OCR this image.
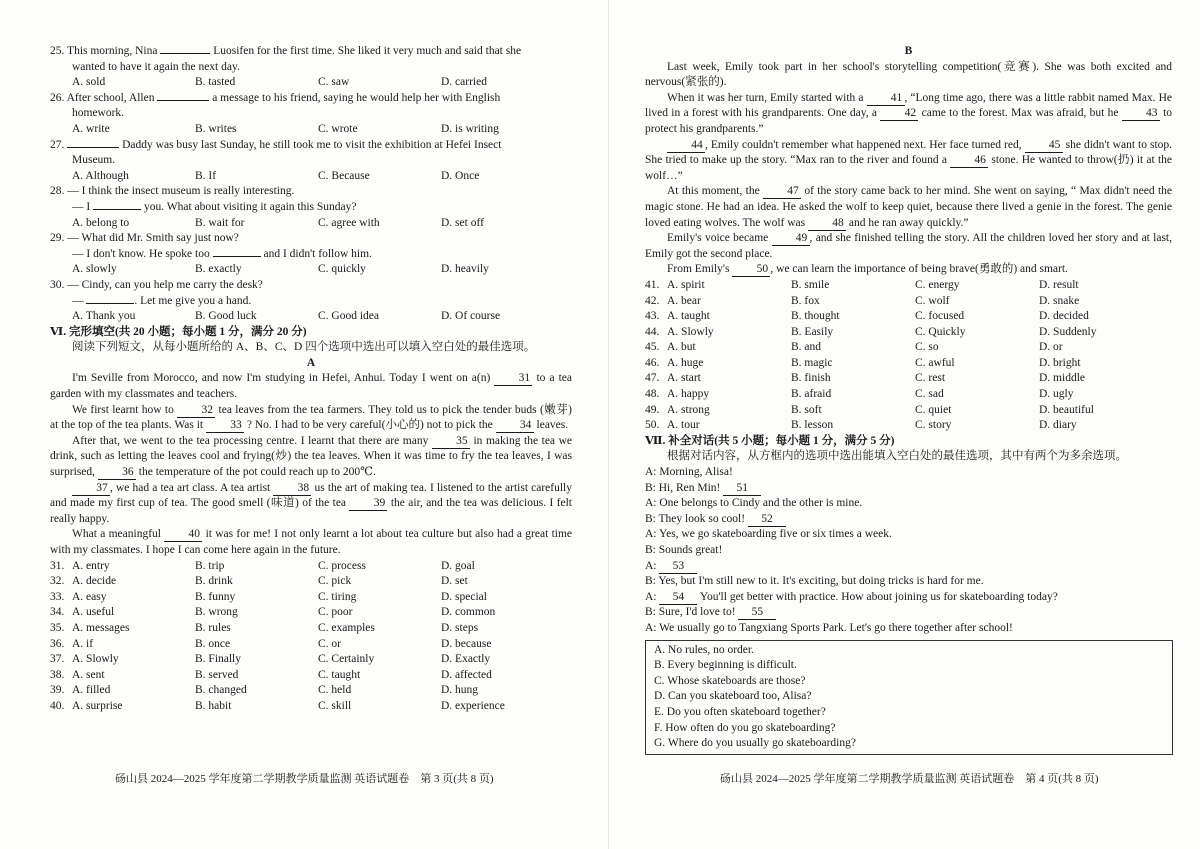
25. This morning, Nina	Luosifen for the first time. She liked it very much and said that she
wanted to have it again the next day.
A. sold	B. tasted	C. saw	D. carried
26. After school, Allen	a message to his friend, saying he would help her with English
homework.
A. write	B. writes	C. wrote	D. is writing
27.	Daddy was busy last Sunday, he still took me to visit the exhibition at Hefei Insect
Museum.
A. Although	B. If	C. Because	D. Once
28. — I think the insect museum is really interesting.
— I	you. What about visiting it again this Sunday?
A. belong to	B. wait for	C. agree with	D. set off
29. — What did Mr. Smith say just now?
— I don't know. He spoke too	and I didn't follow him.
A. slowly	B. exactly	C. quickly	D. heavily
30. — Cindy, can you help me carry the desk?
—	. Let me give you a hand.
A. Thank you	B. Good luck	C. Good idea	D. Of course
Ⅵ. 完形填空(共 20 小题；每小题 1 分，满分 20 分)
阅读下列短文，从每小题所给的 A、B、C、D 四个选项中选出可以填入空白处的最佳选项。
A
I'm Seville from Morocco, and now I'm studying in Hefei, Anhui. Today I went on a(n) 31 to a tea garden with my classmates and teachers.
We first learnt how to 32 tea leaves from the tea farmers. They told us to pick the tender buds (嫩芽) at the top of the tea plants. Was it 33 ? No. I had to be very careful(小心的) not to pick the 34 leaves.
After that, we went to the tea processing centre. I learnt that there are many 35 in making the tea we drink, such as letting the leaves cool and frying(炒) the tea leaves. When it was time to fry the tea leaves, I was surprised, 36 the temperature of the pot could reach up to 200℃.
37 , we had a tea art class. A tea artist 38 us the art of making tea. I listened to the artist carefully and made my first cup of tea. The good smell (味道) of the tea 39 the air, and the tea was delicious. I felt really happy.
What a meaningful 40 it was for me! I not only learnt a lot about tea culture but also had a great time with my classmates. I hope I can come here again in the future.
31. A. entry	B. trip	C. process	D. goal
32. A. decide	B. drink	C. pick	D. set
33. A. easy	B. funny	C. tiring	D. special
34. A. useful	B. wrong	C. poor	D. common
35. A. messages	B. rules	C. examples	D. steps
36. A. if	B. once	C. or	D. because
37. A. Slowly	B. Finally	C. Certainly	D. Exactly
38. A. sent	B. served	C. taught	D. affected
39. A. filled	B. changed	C. held	D. hung
40. A. surprise	B. habit	C. skill	D. experience
砀山县 2024—2025 学年度第二学期教学质量监测 英语试题卷　第 3 页(共 8 页)
B
Last week, Emily took part in her school's storytelling competition(竞赛). She was both excited and nervous(紧张的).
When it was her turn, Emily started with a 41 , “Long time ago, there was a little rabbit named Max. He lived in a forest with his grandparents. One day, a 42 came to the forest. Max was afraid, but he 43 to protect his grandparents.”
44 , Emily couldn't remember what happened next. Her face turned red, 45 she didn't want to stop. She tried to make up the story. “Max ran to the river and found a 46 stone. He wanted to throw(扔) it at the wolf…”
At this moment, the 47 of the story came back to her mind. She went on saying, “ Max didn't need the magic stone. He had an idea. He asked the wolf to keep quiet, because there lived a genie in the forest. The genie loved eating wolves. The wolf was 48 and he ran away quickly.”
Emily's voice became 49 , and she finished telling the story. All the children loved her story and at last, Emily got the second place.
From Emily's 50 , we can learn the importance of being brave(勇敢的) and smart.
41. A. spirit	B. smile	C. energy	D. result
42. A. bear	B. fox	C. wolf	D. snake
43. A. taught	B. thought	C. focused	D. decided
44. A. Slowly	B. Easily	C. Quickly	D. Suddenly
45. A. but	B. and	C. so	D. or
46. A. huge	B. magic	C. awful	D. bright
47. A. start	B. finish	C. rest	D. middle
48. A. happy	B. afraid	C. sad	D. ugly
49. A. strong	B. soft	C. quiet	D. beautiful
50. A. tour	B. lesson	C. story	D. diary
Ⅶ. 补全对话(共 5 小题；每小题 1 分，满分 5 分)
根据对话内容，从方框内的选项中选出能填入空白处的最佳选项，其中有两个为多余选项。
A: Morning, Alisa!
B: Hi, Ren Min! 51
A: One belongs to Cindy and the other is mine.
B: They look so cool! 52
A: Yes, we go skateboarding five or six times a week.
B: Sounds great!
A: 53
B: Yes, but I'm still new to it. It's exciting, but doing tricks is hard for me.
A: 54 You'll get better with practice. How about joining us for skateboarding today?
B: Sure, I'd love to! 55
A: We usually go to Tangxiang Sports Park. Let's go there together after school!
A. No rules, no order.
B. Every beginning is difficult.
C. Whose skateboards are those?
D. Can you skateboard too, Alisa?
E. Do you often skateboard together?
F. How often do you go skateboarding?
G. Where do you usually go skateboarding?
砀山县 2024—2025 学年度第二学期教学质量监测 英语试题卷　第 4 页(共 8 页)
